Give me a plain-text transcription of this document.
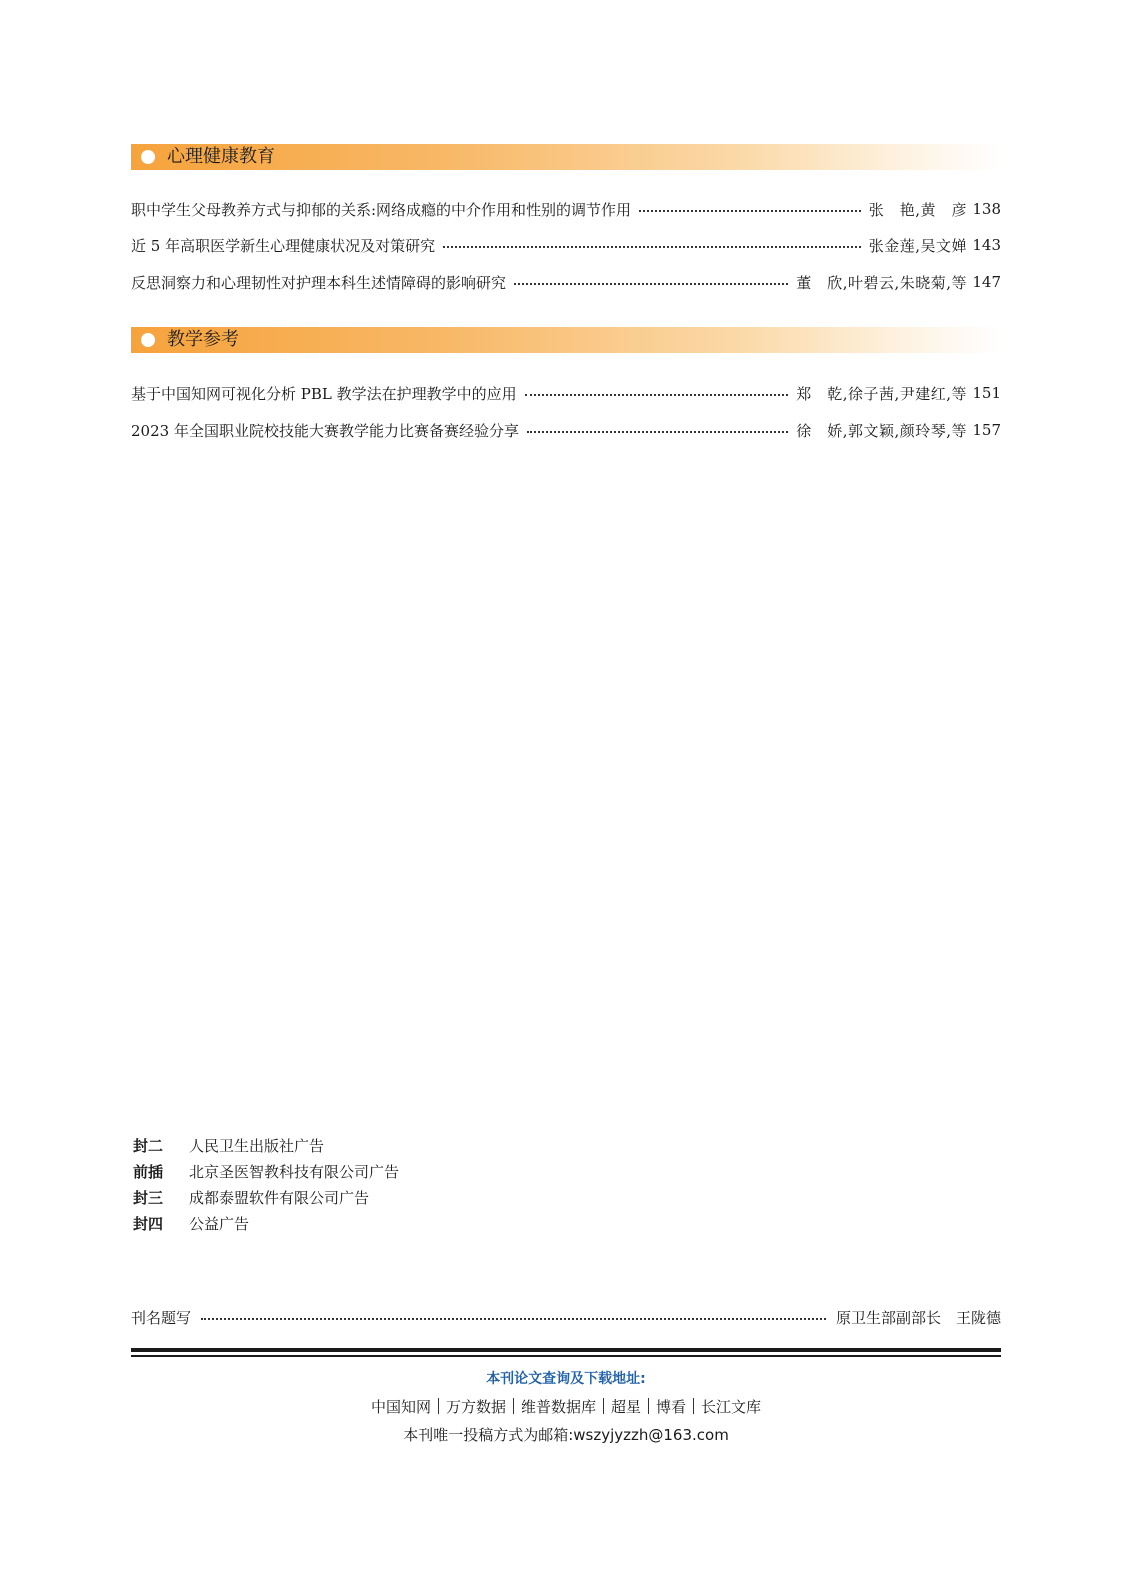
心理健康教育
职中学生父母教养方式与抑郁的关系:网络成瘾的中介作用和性别的调节作用	张　艳,黄　彦 138
近 5 年高职医学新生心理健康状况及对策研究	张金莲,吴文婵 143
反思洞察力和心理韧性对护理本科生述情障碍的影响研究	董　欣,叶碧云,朱晓菊,等 147
教学参考
基于中国知网可视化分析 PBL 教学法在护理教学中的应用	郑　乾,徐子茜,尹建红,等 151
2023 年全国职业院校技能大赛教学能力比赛备赛经验分享	徐　娇,郭文颖,颜玲琴,等 157
封二	人民卫生出版社广告
前插	北京圣医智教科技有限公司广告
封三	成都泰盟软件有限公司广告
封四	公益广告
刊名题写	原卫生部副部长　王陇德
本刊论文查询及下载地址:
中国知网 万方数据 维普数据库 超星 博看 长江文库
本刊唯一投稿方式为邮箱:wszyjyzzh@163.com
